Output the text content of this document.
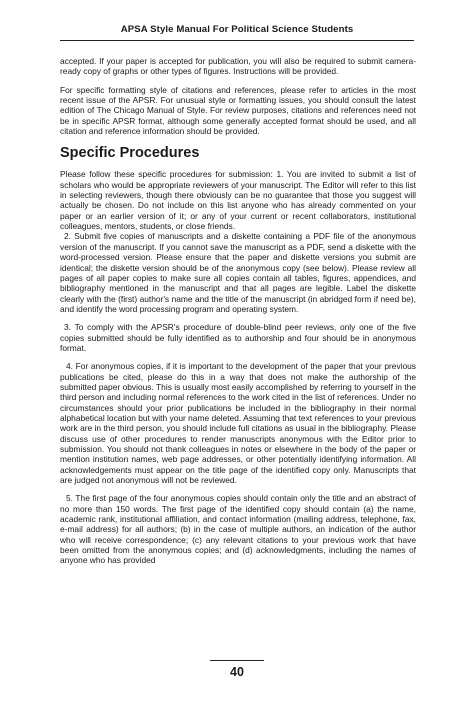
APSA Style Manual For Political Science Students

accepted. If your paper is accepted for publication, you will also be required to submit camera-ready copy of graphs or other types of figures. Instructions will be provided.

For specific formatting style of citations and references, please refer to articles in the most recent issue of the APSR. For unusual style or formatting issues, you should consult the latest edition of The Chicago Manual of Style. For review purposes, citations and references need not be in specific APSR format, although some generally accepted format should be used, and all citation and reference information should be provided.

Specific Procedures

Please follow these specific procedures for submission: 1. You are invited to submit a list of scholars who would be appropriate reviewers of your manuscript. The Editor will refer to this list in selecting reviewers, though there obviously can be no guarantee that those you suggest will actually be chosen. Do not include on this list anyone who has already commented on your paper or an earlier version of it; or any of your current or recent collaborators, institutional colleagues, mentors, students, or close friends.

2. Submit five copies of manuscripts and a diskette containing a PDF file of the anonymous version of the manuscript. If you cannot save the manuscript as a PDF, send a diskette with the word-processed version. Please ensure that the paper and diskette versions you submit are identical; the diskette version should be of the anonymous copy (see below). Please review all pages of all paper copies to make sure all copies contain all tables, figures, appendices, and bibliography mentioned in the manuscript and that all pages are legible. Label the diskette clearly with the (first) author's name and the title of the manuscript (in abridged form if need be), and identify the word processing program and operating system.

3. To comply with the APSR's procedure of double-blind peer reviews, only one of the five copies submitted should be fully identified as to authorship and four should be in anonymous format.

4. For anonymous copies, if it is important to the development of the paper that your previous publications be cited, please do this in a way that does not make the authorship of the submitted paper obvious. This is usually most easily accomplished by referring to yourself in the third person and including normal references to the work cited in the list of references. Under no circumstances should your prior publications be included in the bibliography in their normal alphabetical location but with your name deleted. Assuming that text references to your previous work are in the third person, you should include full citations as usual in the bibliography. Please discuss use of other procedures to render manuscripts anonymous with the Editor prior to submission. You should not thank colleagues in notes or elsewhere in the body of the paper or mention institution names, web page addresses, or other potentially identifying information. All acknowledgements must appear on the title page of the identified copy only. Manuscripts that are judged not anonymous will not be reviewed.

5. The first page of the four anonymous copies should contain only the title and an abstract of no more than 150 words. The first page of the identified copy should contain (a) the name, academic rank, institutional affiliation, and contact information (mailing address, telephone, fax, e-mail address) for all authors; (b) in the case of multiple authors, an indication of the author who will receive correspondence; (c) any relevant citations to your previous work that have been omitted from the anonymous copies; and (d) acknowledgments, including the names of anyone who has provided

40
